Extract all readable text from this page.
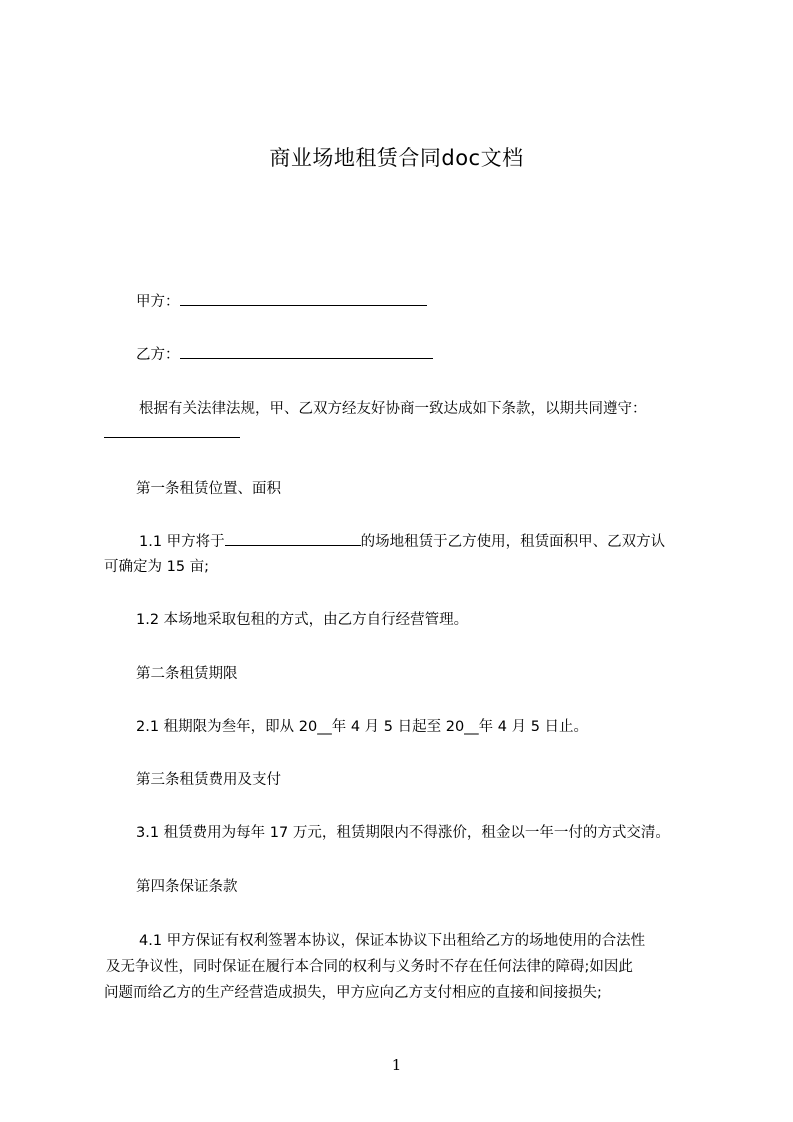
商业场地租赁合同doc文档
甲方：
乙方：
根据有关法律法规，甲、乙双方经友好协商一致达成如下条款，以期共同遵守：
第一条租赁位置、面积
1.1 甲方将于	的场地租赁于乙方使用，租赁面积甲、乙双方认
可确定为 15 亩;
1.2 本场地采取包租的方式，由乙方自行经营管理。
第二条租赁期限
2.1 租期限为叁年，即从 20__年 4 月 5 日起至 20__年 4 月 5 日止。
第三条租赁费用及支付
3.1 租赁费用为每年 17 万元，租赁期限内不得涨价，租金以一年一付的方式交清。
第四条保证条款
4.1 甲方保证有权利签署本协议，保证本协议下出租给乙方的场地使用的合法性
及无争议性，同时保证在履行本合同的权利与义务时不存在任何法律的障碍;如因此
问题而给乙方的生产经营造成损失，甲方应向乙方支付相应的直接和间接损失;
1
